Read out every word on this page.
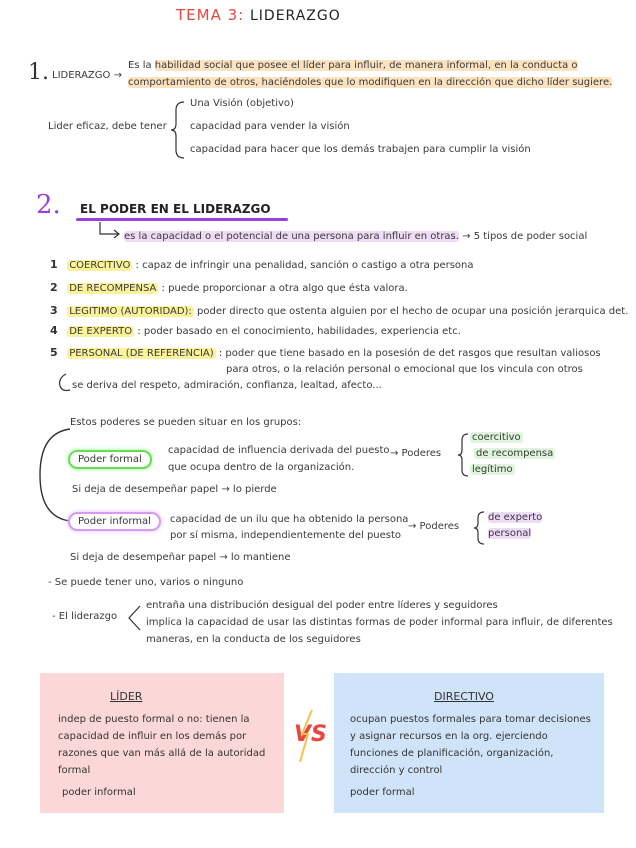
TEMA 3: LIDERAZGO
1. LIDERAZGO →
Es la habilidad social que posee el líder para influir, de manera informal, en la conducta o
comportamiento de otros, haciéndoles que lo modifiquen en la dirección que dicho líder sugiere.
Lider eficaz, debe tener
Una Visión (objetivo)
capacidad para vender la visión
capacidad para hacer que los demás trabajen para cumplir la visión
2. EL PODER EN EL LIDERAZGO
es la capacidad o el potencial de una persona para influir en otras. → 5 tipos de poder social
1 COERCITIVO : capaz de infringir una penalidad, sanción o castigo a otra persona
2 DE RECOMPENSA : puede proporcionar a otra algo que ésta valora.
3 LEGITIMO (AUTORIDAD): poder directo que ostenta alguien por el hecho de ocupar una posición jerarquica det.
4 DE EXPERTO : poder basado en el conocimiento, habilidades, experiencia etc.
5 PERSONAL (DE REFERENCIA) : poder que tiene basado en la posesión de det rasgos que resultan valiosos
para otros, o la relación personal o emocional que los vincula con otros
se deriva del respeto, admiración, confianza, lealtad, afecto...
Estos poderes se pueden situar en los grupos:
Poder formal
capacidad de influencia derivada del puesto
que ocupa dentro de la organización.
→ Poderes
coercitivo
de recompensa
legítimo
Si deja de desempeñar papel → lo pierde
Poder informal	capacidad de un ilu que ha obtenido la persona
por sí misma, independientemente del puesto
→ Poderes
de experto
personal
Si deja de desempeñar papel → lo mantiene
- Se puede tener uno, varios o ninguno
- El liderazgo
entraña una distribución desigual del poder entre líderes y seguidores
implica la capacidad de usar las distintas formas de poder informal para influir, de diferentes
maneras, en la conducta de los seguidores
LÍDER
indep de puesto formal o no: tienen la capacidad de influir en los demás por razones que van más allá de la autoridad formal
poder informal
VS
DIRECTIVO
ocupan puestos formales para tomar decisiones y asignar recursos en la org. ejerciendo funciones de planificación, organización, dirección y control
poder formal
